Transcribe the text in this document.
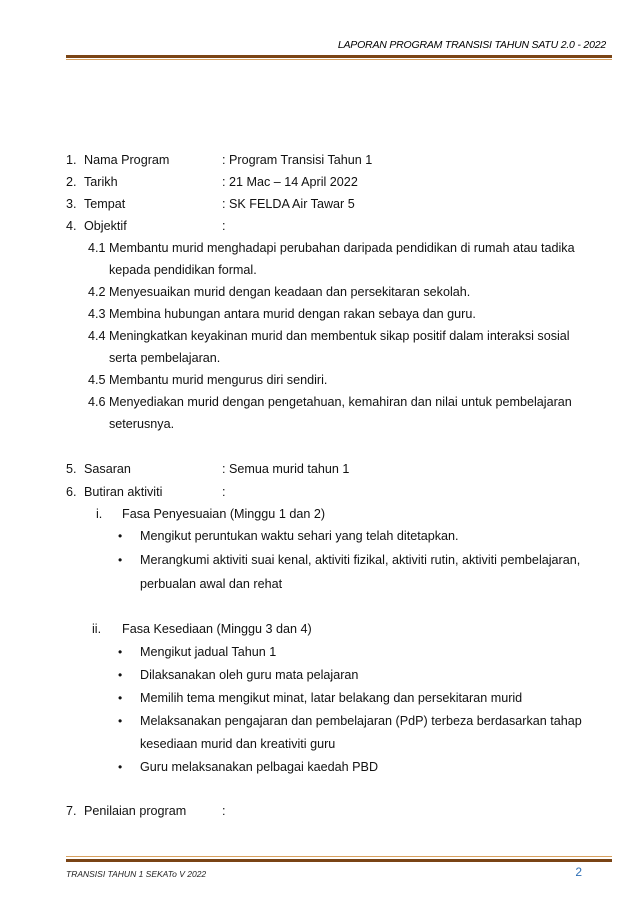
LAPORAN PROGRAM TRANSISI TAHUN SATU 2.0 - 2022
1. Nama Program	: Program Transisi Tahun 1
2. Tarikh	: 21 Mac – 14 April 2022
3. Tempat	: SK FELDA Air Tawar 5
4. Objektif	:
4.1 Membantu murid menghadapi perubahan daripada pendidikan di rumah atau tadika
kepada pendidikan formal.
4.2 Menyesuaikan murid dengan keadaan dan persekitaran sekolah.
4.3 Membina hubungan antara murid dengan rakan sebaya dan guru.
4.4 Meningkatkan keyakinan murid dan membentuk sikap positif dalam interaksi sosial
serta pembelajaran.
4.5 Membantu murid mengurus diri sendiri.
4.6 Menyediakan murid dengan pengetahuan, kemahiran dan nilai untuk pembelajaran
seterusnya.
5. Sasaran	: Semua murid tahun 1
6. Butiran aktiviti	:
i. Fasa Penyesuaian (Minggu 1 dan 2)
• Mengikut peruntukan waktu sehari yang telah ditetapkan.
• Merangkumi aktiviti suai kenal, aktiviti fizikal, aktiviti rutin, aktiviti pembelajaran,
perbualan awal dan rehat
ii. Fasa Kesediaan (Minggu 3 dan 4)
• Mengikut jadual Tahun 1
• Dilaksanakan oleh guru mata pelajaran
• Memilih tema mengikut minat, latar belakang dan persekitaran murid
• Melaksanakan pengajaran dan pembelajaran (PdP) terbeza berdasarkan tahap
kesediaan murid dan kreativiti guru
• Guru melaksanakan pelbagai kaedah PBD
7. Penilaian program	:
TRANSISI TAHUN 1 SEKATo V 2022	2
